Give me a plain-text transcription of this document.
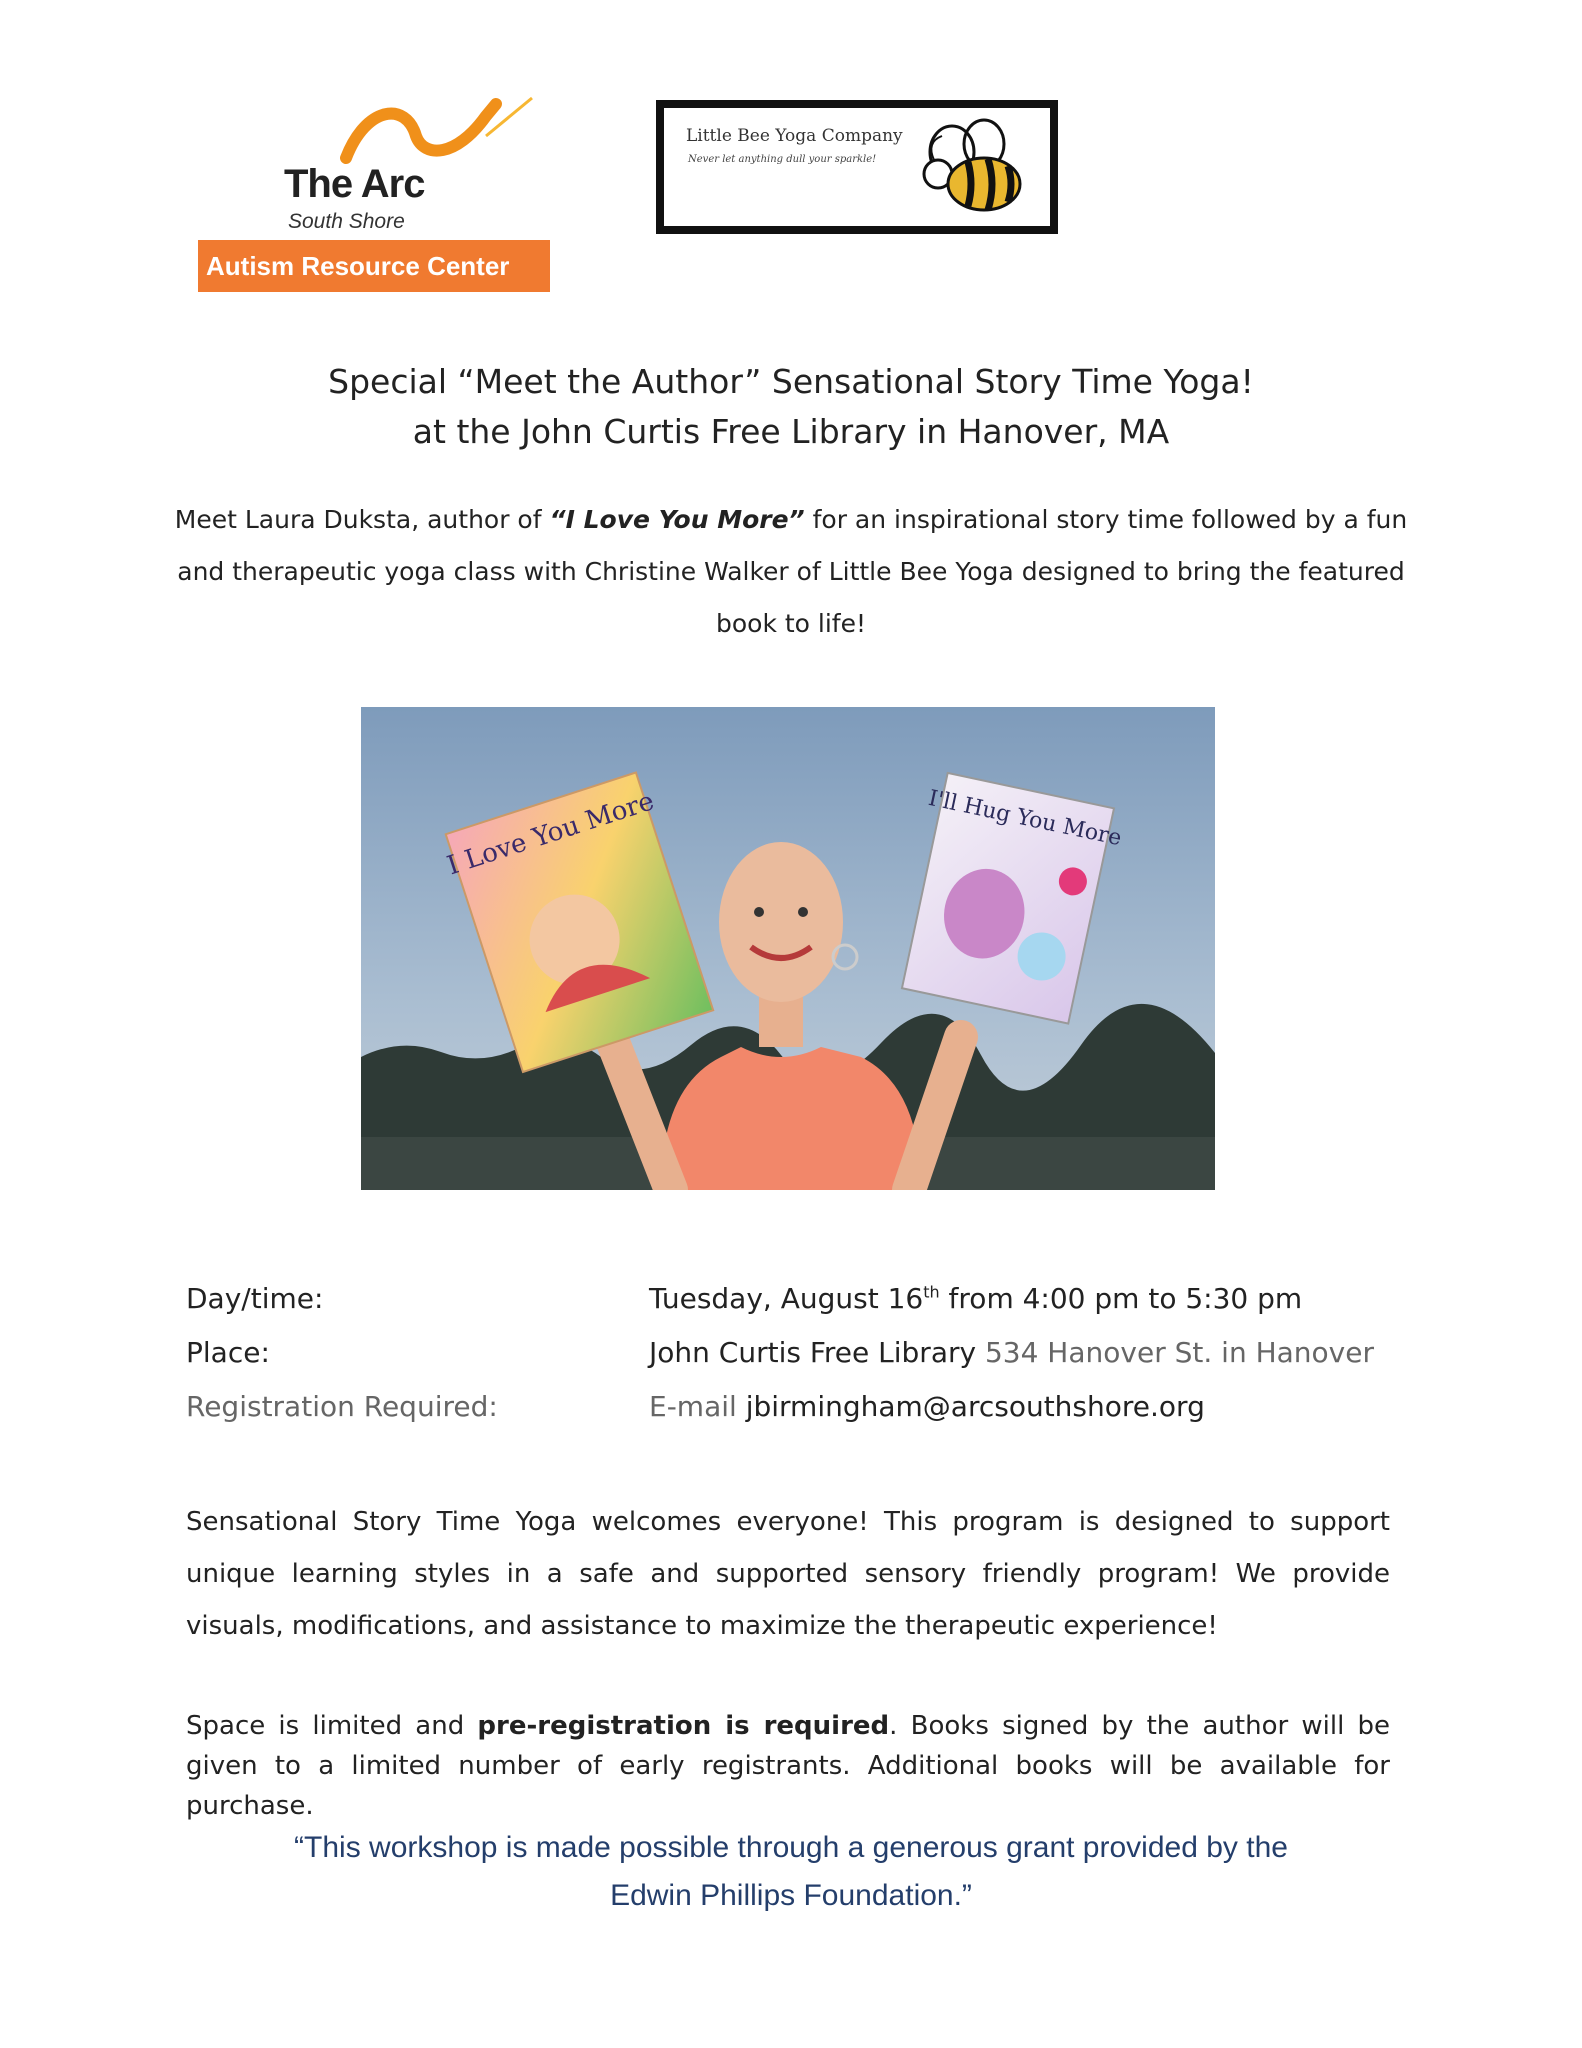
The Arc
South Shore
Autism Resource Center
Little Bee Yoga Company
Never let anything dull your sparkle!
Special “Meet the Author” Sensational Story Time Yoga!
at the John Curtis Free Library in Hanover, MA
Meet Laura Duksta, author of “I Love You More” for an inspirational story time followed by a fun and therapeutic yoga class with Christine Walker of Little Bee Yoga designed to bring the featured book to life!
I Love You More	I'll Hug You More
Day/time:	Tuesday, August 16th from 4:00 pm to 5:30 pm
Place:	John Curtis Free Library 534 Hanover St. in Hanover
Registration Required:	E-mail jbirmingham@arcsouthshore.org
Sensational Story Time Yoga welcomes everyone! This program is designed to support unique learning styles in a safe and supported sensory friendly program! We provide visuals, modifications, and assistance to maximize the therapeutic experience!
Space is limited and pre-registration is required. Books signed by the author will be given to a limited number of early registrants. Additional books will be available for purchase.
“This workshop is made possible through a generous grant provided by the
Edwin Phillips Foundation.”
